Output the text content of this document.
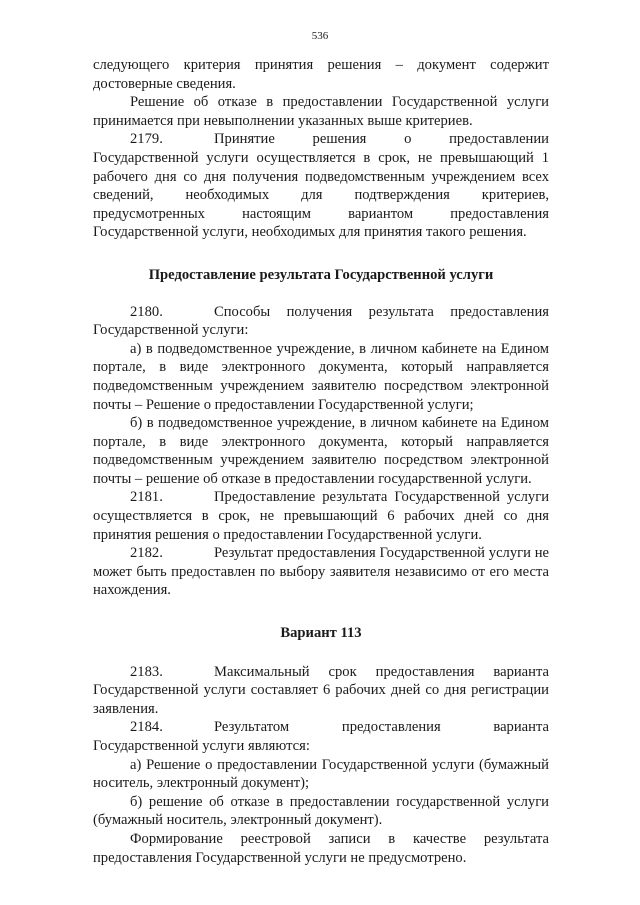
536

следующего критерия принятия решения – документ содержит достоверные сведения.

Решение об отказе в предоставлении Государственной услуги принимается при невыполнении указанных выше критериев.

2179.	Принятие решения о предоставлении Государственной услуги осуществляется в срок, не превышающий 1 рабочего дня со дня получения подведомственным учреждением всех сведений, необходимых для подтверждения критериев, предусмотренных настоящим вариантом предоставления Государственной услуги, необходимых для принятия такого решения.

Предоставление результата Государственной услуги

2180.	Способы получения результата предоставления Государственной услуги:

а) в подведомственное учреждение, в личном кабинете на Едином портале, в виде электронного документа, который направляется подведомственным учреждением заявителю посредством электронной почты – Решение о предоставлении Государственной услуги;

б) в подведомственное учреждение, в личном кабинете на Едином портале, в виде электронного документа, который направляется подведомственным учреждением заявителю посредством электронной почты – решение об отказе в предоставлении государственной услуги.

2181.	Предоставление результата Государственной услуги осуществляется в срок, не превышающий 6 рабочих дней со дня принятия решения о предоставлении Государственной услуги.

2182.	Результат предоставления Государственной услуги не может быть предоставлен по выбору заявителя независимо от его места нахождения.

Вариант 113

2183.	Максимальный срок предоставления варианта Государственной услуги составляет 6 рабочих дней со дня регистрации заявления.

2184.	Результатом предоставления варианта Государственной услуги являются:

а) Решение о предоставлении Государственной услуги (бумажный носитель, электронный документ);

б) решение об отказе в предоставлении государственной услуги (бумажный носитель, электронный документ).

Формирование реестровой записи в качестве результата предоставления Государственной услуги не предусмотрено.
